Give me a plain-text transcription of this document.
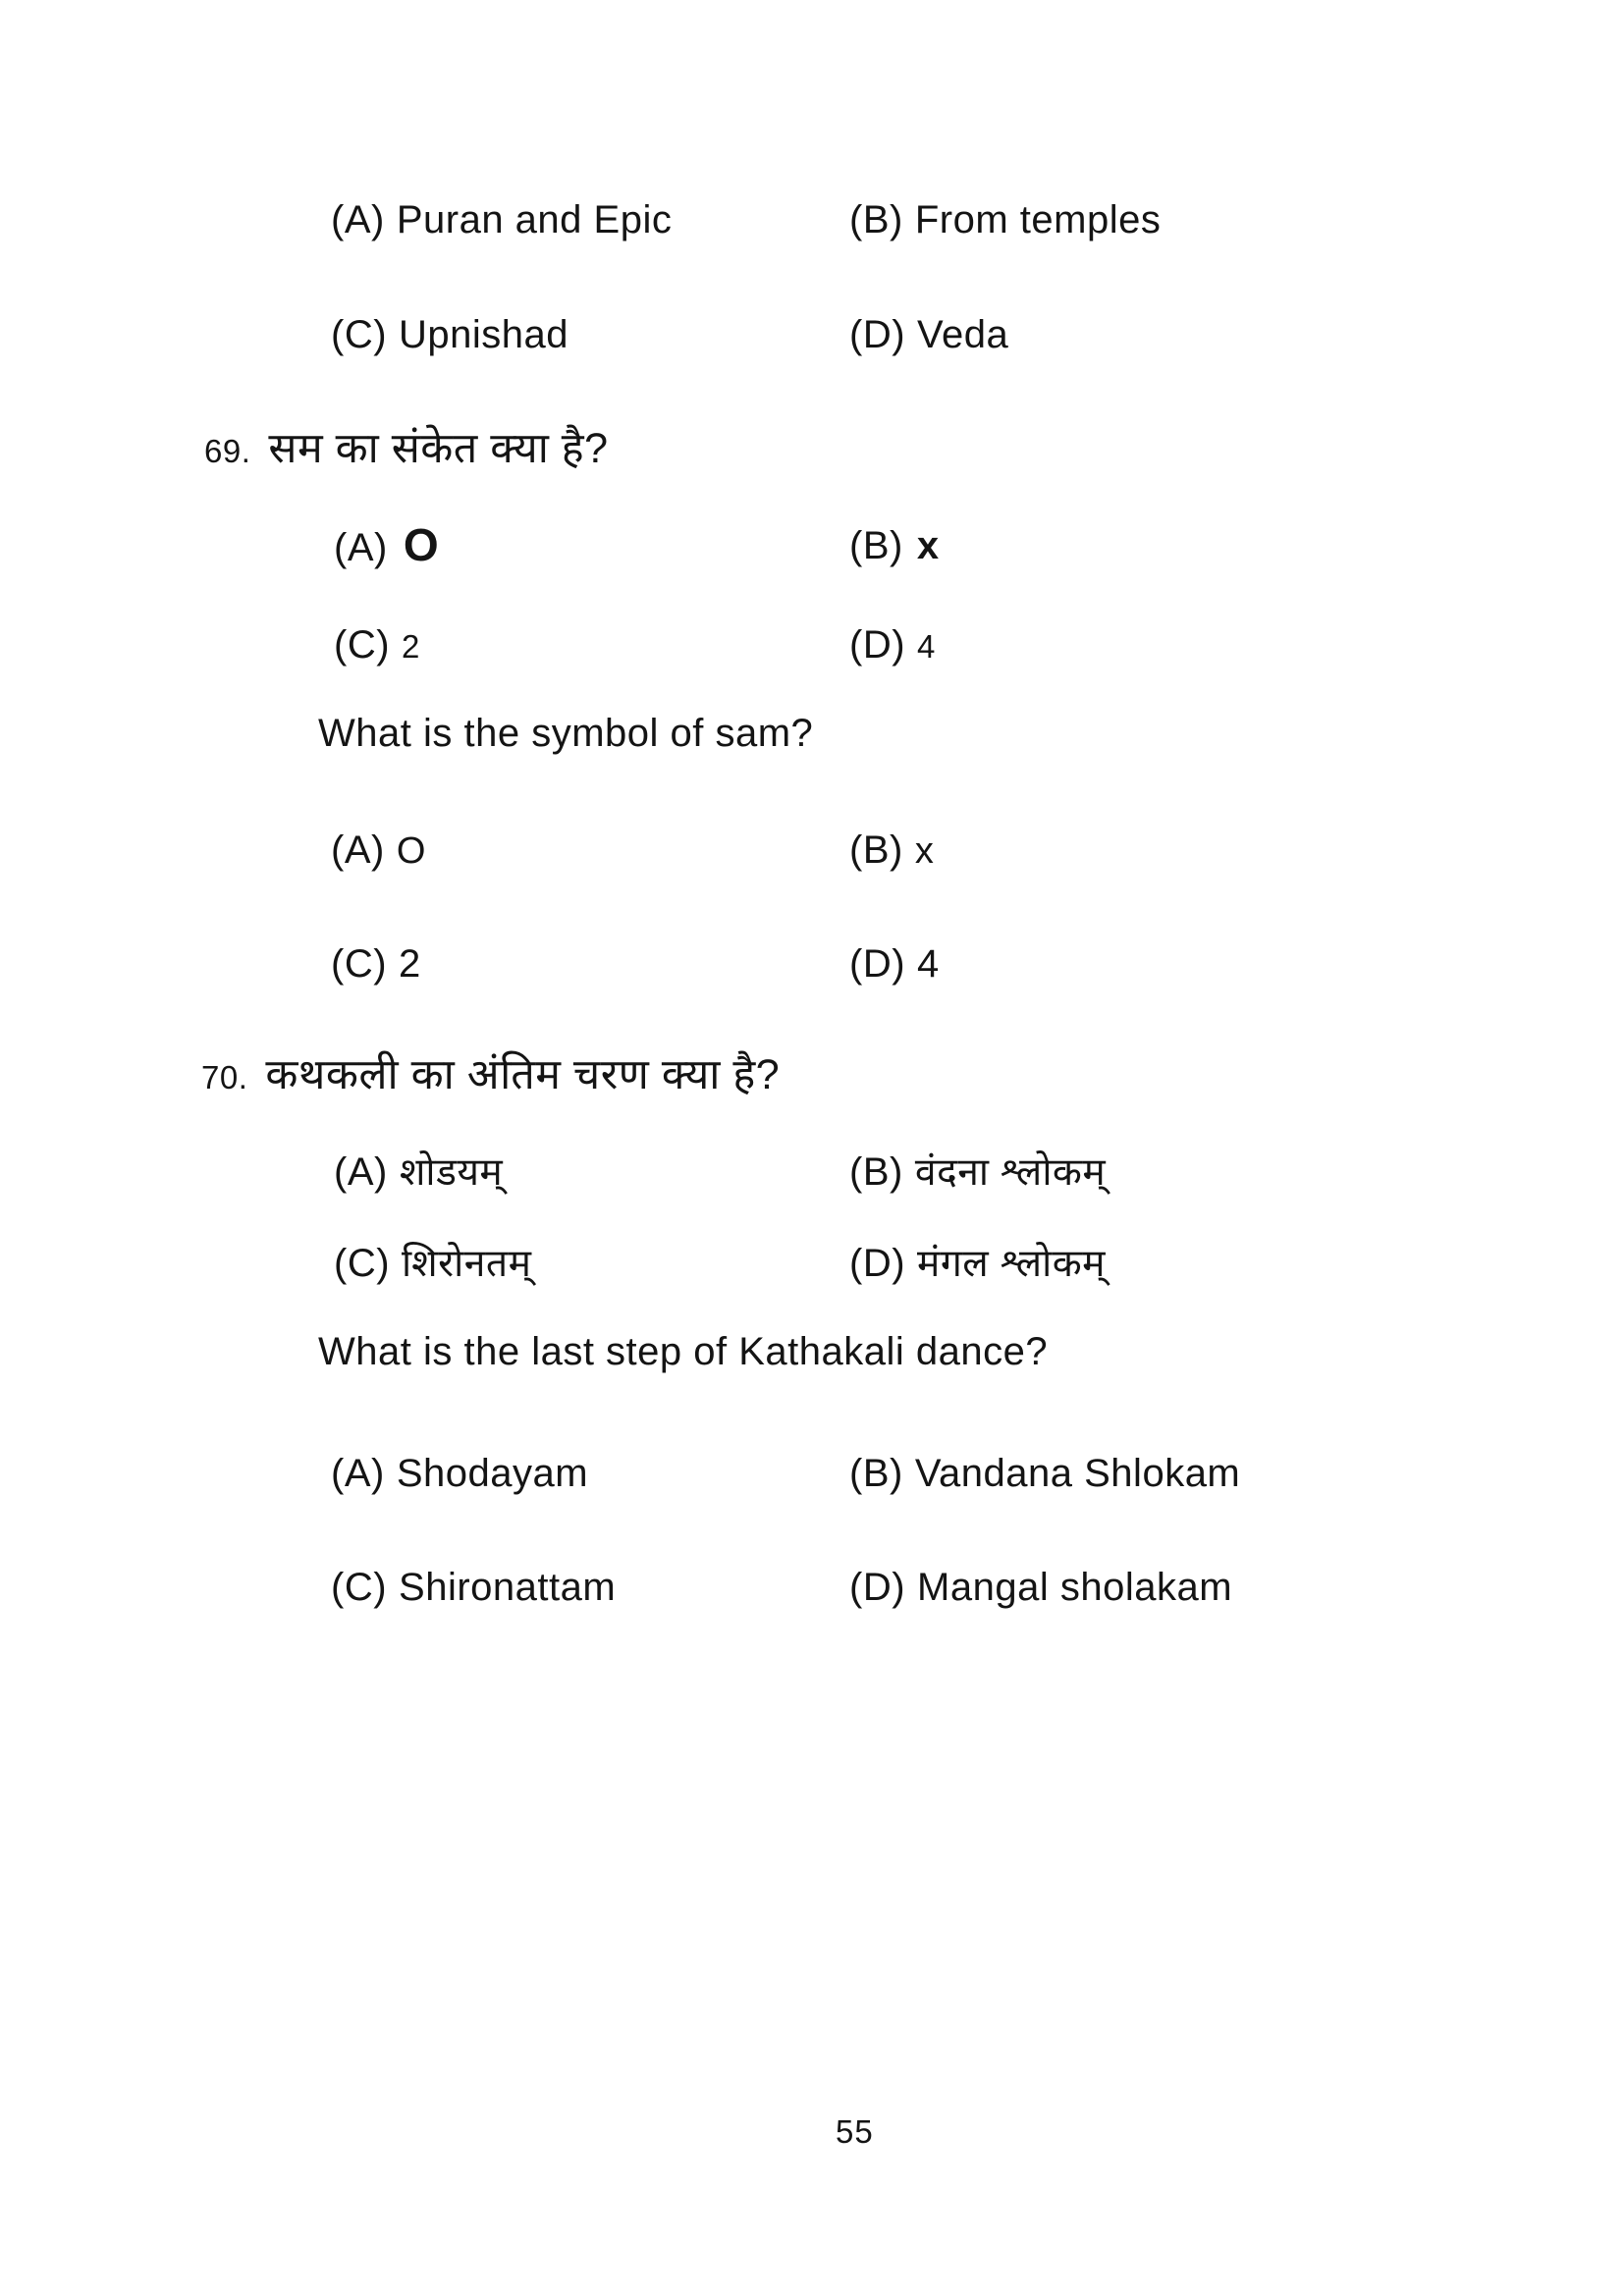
(A) Puran and Epic	(B) From temples
(C) Upnishad	(D) Veda
69. सम का संकेत क्या है?
(A) O	(B) x
(C) 2	(D) 4
What is the symbol of sam?
(A) O	(B) x
(C) 2	(D) 4
70. कथकली का अंतिम चरण क्या है?
(A) शोडयम्	(B) वंदना श्लोकम्
(C) शिरोनतम्	(D) मंगल श्लोकम्
What is the last step of Kathakali dance?
(A) Shodayam	(B) Vandana Shlokam
(C) Shironattam	(D) Mangal sholakam
55
